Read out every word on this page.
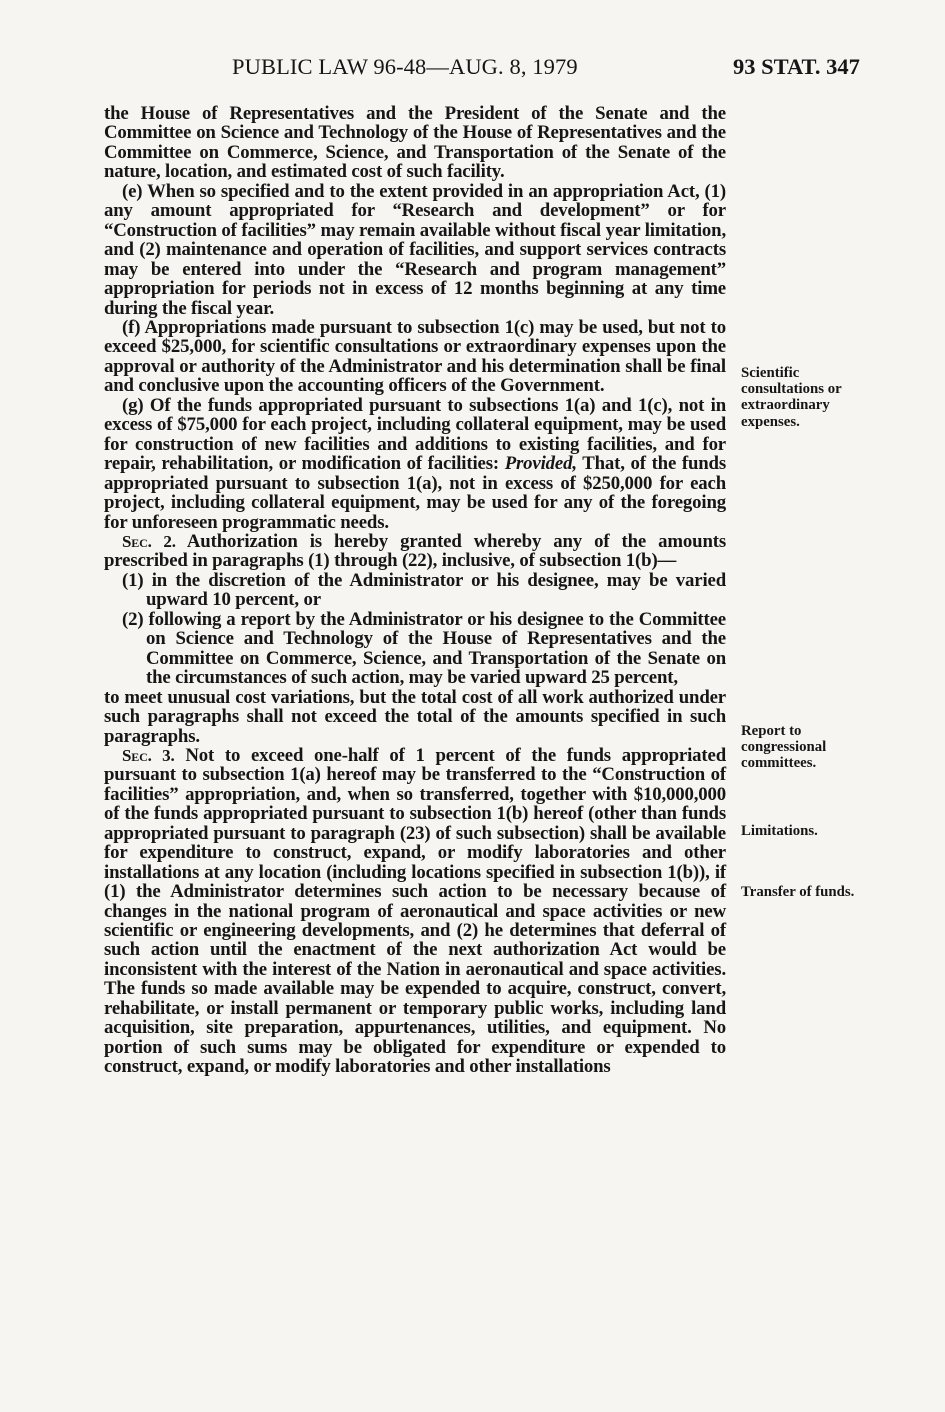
PUBLIC LAW 96-48—AUG. 8, 1979	93 STAT. 347

the House of Representatives and the President of the Senate and the Committee on Science and Technology of the House of Representatives and the Committee on Commerce, Science, and Transportation of the Senate of the nature, location, and estimated cost of such facility.

(e) When so specified and to the extent provided in an appropriation Act, (1) any amount appropriated for “Research and development” or for “Construction of facilities” may remain available without fiscal year limitation, and (2) maintenance and operation of facilities, and support services contracts may be entered into under the “Research and program management” appropriation for periods not in excess of 12 months beginning at any time during the fiscal year.

(f) Appropriations made pursuant to subsection 1(c) may be used, but not to exceed $25,000, for scientific consultations or extraordinary expenses upon the approval or authority of the Administrator and his determination shall be final and conclusive upon the accounting officers of the Government.

(g) Of the funds appropriated pursuant to subsections 1(a) and 1(c), not in excess of $75,000 for each project, including collateral equipment, may be used for construction of new facilities and additions to existing facilities, and for repair, rehabilitation, or modification of facilities: Provided, That, of the funds appropriated pursuant to subsection 1(a), not in excess of $250,000 for each project, including collateral equipment, may be used for any of the foregoing for unforeseen programmatic needs.

Sec. 2. Authorization is hereby granted whereby any of the amounts prescribed in paragraphs (1) through (22), inclusive, of subsection 1(b)—

(1) in the discretion of the Administrator or his designee, may be varied upward 10 percent, or

(2) following a report by the Administrator or his designee to the Committee on Science and Technology of the House of Representatives and the Committee on Commerce, Science, and Transportation of the Senate on the circumstances of such action, may be varied upward 25 percent,

to meet unusual cost variations, but the total cost of all work authorized under such paragraphs shall not exceed the total of the amounts specified in such paragraphs.

Sec. 3. Not to exceed one-half of 1 percent of the funds appropriated pursuant to subsection 1(a) hereof may be transferred to the “Construction of facilities” appropriation, and, when so transferred, together with $10,000,000 of the funds appropriated pursuant to subsection 1(b) hereof (other than funds appropriated pursuant to paragraph (23) of such subsection) shall be available for expenditure to construct, expand, or modify laboratories and other installations at any location (including locations specified in subsection 1(b)), if (1) the Administrator determines such action to be necessary because of changes in the national program of aeronautical and space activities or new scientific or engineering developments, and (2) he determines that deferral of such action until the enactment of the next authorization Act would be inconsistent with the interest of the Nation in aeronautical and space activities. The funds so made available may be expended to acquire, construct, convert, rehabilitate, or install permanent or temporary public works, including land acquisition, site preparation, appurtenances, utilities, and equipment. No portion of such sums may be obligated for expenditure or expended to construct, expand, or modify laboratories and other installations

Scientific consultations or extraordinary expenses.
Report to congressional committees.
Limitations.
Transfer of funds.
